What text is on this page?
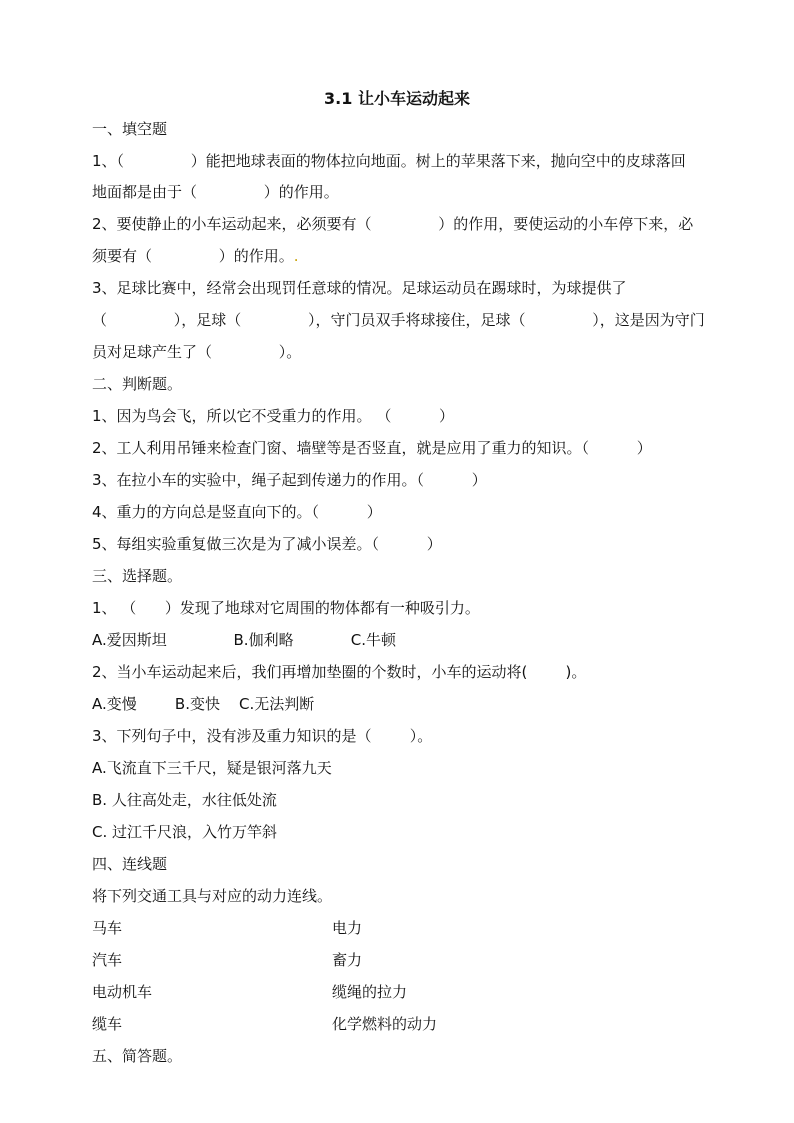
3.1 让小车运动起来
一、填空题
1、（              ）能把地球表面的物体拉向地面。树上的苹果落下来，抛向空中的皮球落回
地面都是由于（              ）的作用。
2、要使静止的小车运动起来，必须要有（              ）的作用，要使运动的小车停下来，必
须要有（              ）的作用。.
3、足球比赛中，经常会出现罚任意球的情况。足球运动员在踢球时，为球提供了
（              ），足球（              ），守门员双手将球接住，足球（              ），这是因为守门
员对足球产生了（              ）。
二、判断题。
1、因为鸟会飞，所以它不受重力的作用。 （          ）
2、工人利用吊锤来检查门窗、墙壁等是否竖直，就是应用了重力的知识。（          ）
3、在拉小车的实验中，绳子起到传递力的作用。（          ）
4、重力的方向总是竖直向下的。（          ）
5、每组实验重复做三次是为了减小误差。（          ）
三、选择题。
1、 （      ）发现了地球对它周围的物体都有一种吸引力。
A.爱因斯坦              B.伽利略            C.牛顿
2、当小车运动起来后，我们再增加垫圈的个数时，小车的运动将(        )。
A.变慢        B.变快    C.无法判断
3、下列句子中，没有涉及重力知识的是（        ）。
A.飞流直下三千尺，疑是银河落九天
B. 人往高处走，水往低处流
C. 过江千尺浪，入竹万竿斜
四、连线题
将下列交通工具与对应的动力连线。
马车	电力
汽车	畜力
电动机车	缆绳的拉力
缆车	化学燃料的动力
五、简答题。
